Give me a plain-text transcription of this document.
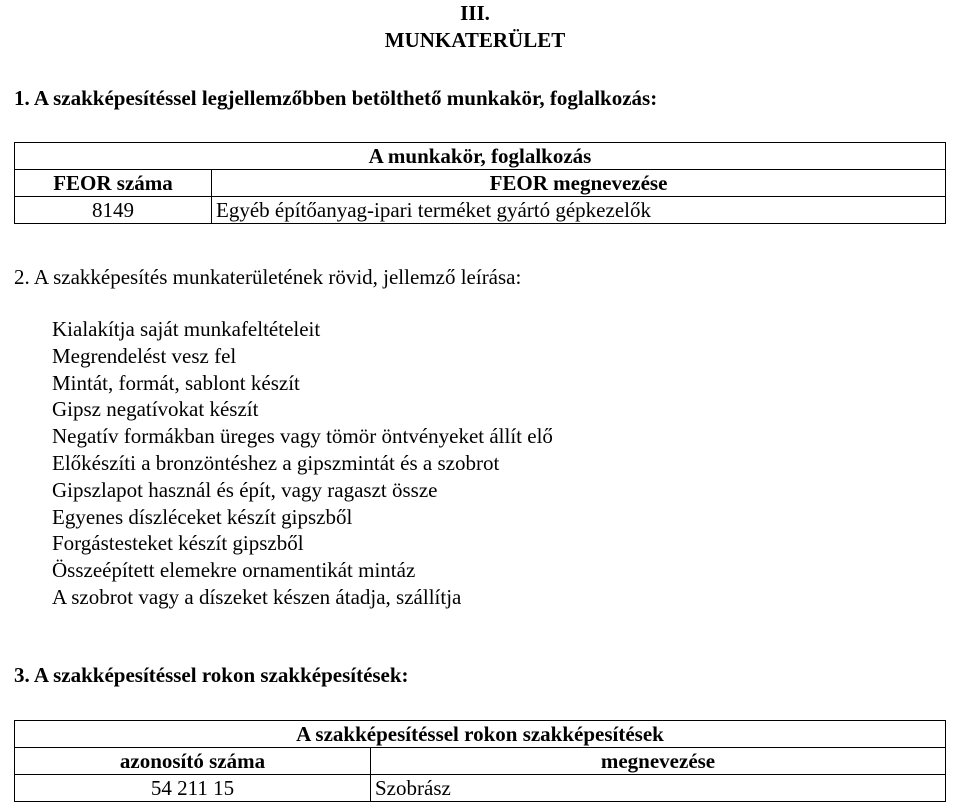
III.
MUNKATERÜLET
1. A szakképesítéssel legjellemzőbben betölthető munkakör, foglalkozás:
A munkakör, foglalkozás	
FEOR száma	FEOR megnevezése
8149	Egyéb építőanyag-ipari terméket gyártó gépkezelők
2. A szakképesítés munkaterületének rövid, jellemző leírása:
Kialakítja saját munkafeltételeit
Megrendelést vesz fel
Mintát, formát, sablont készít
Gipsz negatívokat készít
Negatív formákban üreges vagy tömör öntvényeket állít elő
Előkészíti a bronzöntéshez a gipszmintát és a szobrot
Gipszlapot használ és épít, vagy ragaszt össze
Egyenes díszléceket készít gipszből
Forgástesteket készít gipszből
Összeépített elemekre ornamentikát mintáz
A szobrot vagy a díszeket készen átadja, szállítja
3. A szakképesítéssel rokon szakképesítések:
A szakképesítéssel rokon szakképesítések	
azonosító száma	megnevezése
54 211 15	Szobrász
